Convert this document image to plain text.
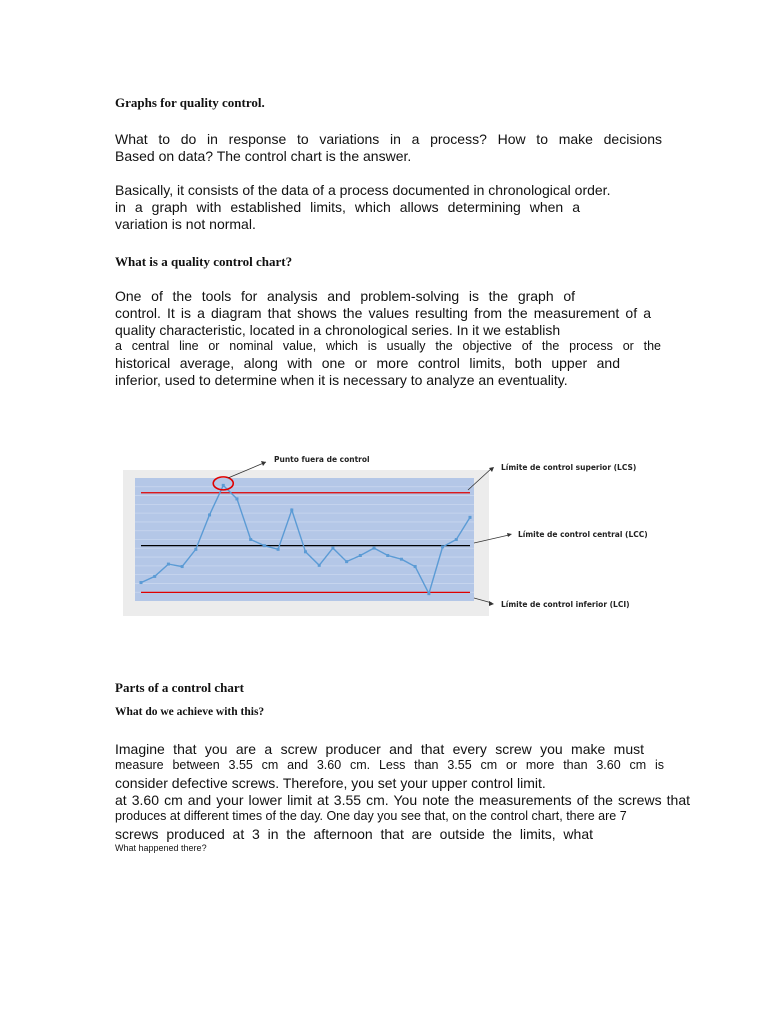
Graphs for quality control.
What to do in response to variations in a process? How to make decisions
Based on data? The control chart is the answer.
Basically, it consists of the data of a process documented in chronological order.
in a graph with established limits, which allows determining when a
variation is not normal.
What is a quality control chart?
One of the tools for analysis and problem-solving is the graph of
control. It is a diagram that shows the values resulting from the measurement of a
quality characteristic, located in a chronological series. In it we establish
a central line or nominal value, which is usually the objective of the process or the
historical average, along with one or more control limits, both upper and
inferior, used to determine when it is necessary to analyze an eventuality.
Punto fuera de control
Límite de control superior (LCS)
Límite de control central (LCC)
Límite de control inferior (LCI)
Parts of a control chart
What do we achieve with this?
Imagine that you are a screw producer and that every screw you make must
measure between 3.55 cm and 3.60 cm. Less than 3.55 cm or more than 3.60 cm is
consider defective screws. Therefore, you set your upper control limit.
at 3.60 cm and your lower limit at 3.55 cm. You note the measurements of the screws that
produces at different times of the day. One day you see that, on the control chart, there are 7
screws produced at 3 in the afternoon that are outside the limits, what
What happened there?
